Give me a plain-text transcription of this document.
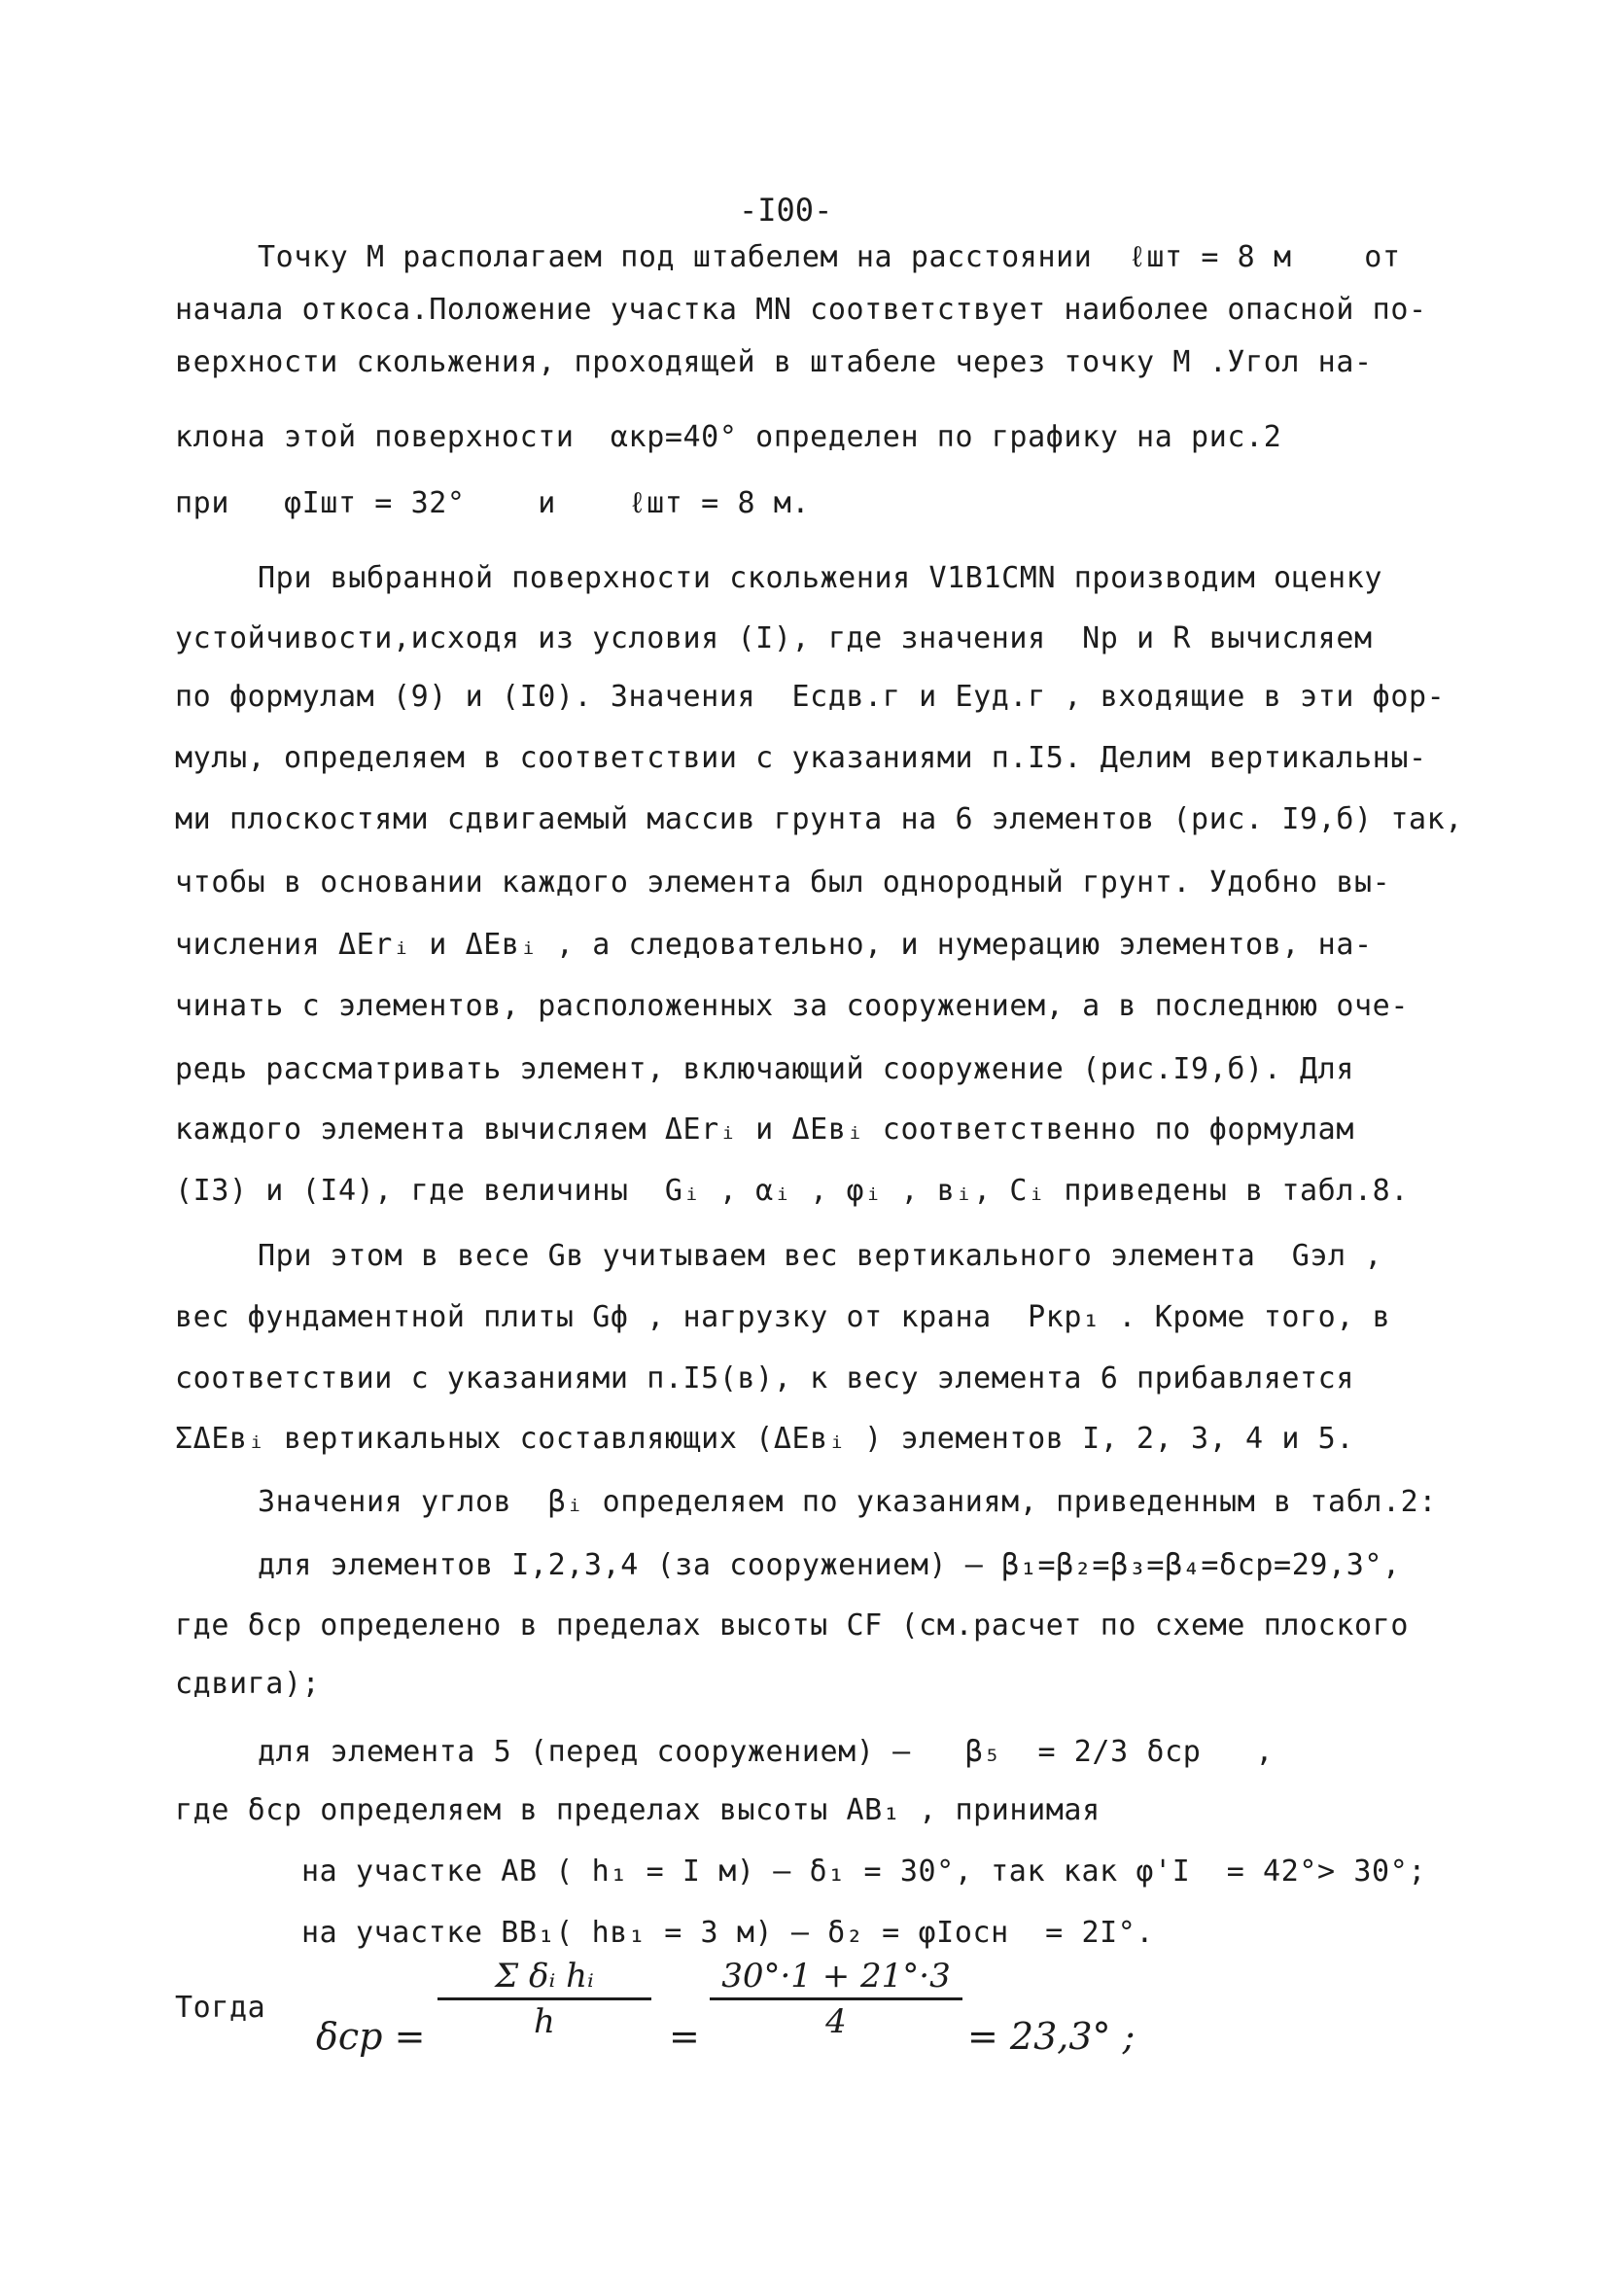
-I00-
Точку М располагаем под штабелем на расстоянии  ℓшт = 8 м    от
начала откоса.Положение участка MN соответствует наиболее опасной по-
верхности скольжения, проходящей в штабеле через точку М .Угол на-
клона этой поверхности  αкр=40° определен по графику на рис.2
при   φIшт = 32°    и    ℓшт = 8 м.
При выбранной поверхности скольжения V1B1CMN производим оценку
устойчивости,исходя из условия (I), где значения  Nр и R вычисляем
по формулам (9) и (I0). Значения  Eсдв.г и Eуд.г , входящие в эти фор-
мулы, определяем в соответствии с указаниями п.I5. Делим вертикальны-
ми плоскостями сдвигаемый массив грунта на 6 элементов (рис. I9,б) так,
чтобы в основании каждого элемента был однородный грунт. Удобно вы-
числения ΔErᵢ и ΔEвᵢ , а следовательно, и нумерацию элементов, на-
чинать с элементов, расположенных за сооружением, а в последнюю оче-
редь рассматривать элемент, включающий сооружение (рис.I9,б). Для
каждого элемента вычисляем ΔErᵢ и ΔEвᵢ соответственно по формулам
(I3) и (I4), где величины  Gᵢ , αᵢ , φᵢ , вᵢ, Cᵢ приведены в табл.8.
При этом в весе Gв учитываем вес вертикального элемента  Gэл ,
вес фундаментной плиты Gф , нагрузку от крана  Ркр₁ . Кроме того, в
соответствии с указаниями п.I5(в), к весу элемента 6 прибавляется
ΣΔEвᵢ вертикальных составляющих (ΔEвᵢ ) элементов I, 2, 3, 4 и 5.
Значения углов  βᵢ определяем по указаниям, приведенным в табл.2:
для элементов I,2,3,4 (за сооружением) – β₁=β₂=β₃=β₄=δср=29,3°,
где δср определено в пределах высоты CF (см.расчет по схеме плоского
сдвига);
для элемента 5 (перед сооружением) –   β₅  = 2/3 δср   ,
где δср определяем в пределах высоты AB₁ , принимая
на участке AB ( h₁ = I м) – δ₁ = 30°, так как φ'I  = 42°> 30°;
на участке BB₁( hв₁ = 3 м) – δ₂ = φIосн  = 2I°.
Тогда
δср =
Σ δᵢ hᵢ
h	=
30°·1 + 21°·3
4	= 23,3° ;
